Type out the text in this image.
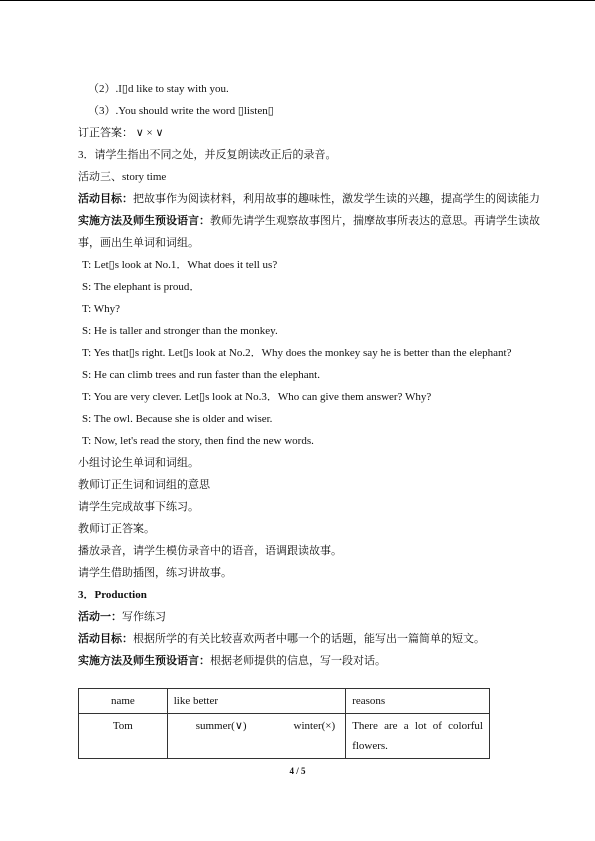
（2）.I▯d like to stay with you.

（3）.You should write the word ▯listen▯

订正答案： ∨ × ∨

3．请学生指出不同之处，并反复朗读改正后的录音。

活动三、story time

活动目标：把故事作为阅读材料，利用故事的趣味性，激发学生读的兴趣，提高学生的阅读能力

实施方法及师生预设语言：教师先请学生观察故事图片，揣摩故事所表达的意思。再请学生读故事，画出生单词和词组。

T: Let▯s look at No.1．What does it tell us?

S: The elephant is proud．

T: Why?

S: He is taller and stronger than the monkey.

T: Yes that▯s right. Let▯s look at No.2．Why does the monkey say he is better than the elephant?

S: He can climb trees and run faster than the elephant.

T: You are very clever. Let▯s look at No.3．Who can give them answer? Why?

S: The owl. Because she is older and wiser.

T: Now, let's read the story, then find the new words.

小组讨论生单词和词组。

教师订正生词和词组的意思

请学生完成故事下练习。

教师订正答案。

播放录音，请学生模仿录音中的语音，语调跟读故事。

请学生借助插图，练习讲故事。

3．Production

活动一：写作练习

活动目标：根据所学的有关比较喜欢两者中哪一个的话题，能写出一篇简单的短文。

实施方法及师生预设语言：根据老师提供的信息，写一段对话。

name	like better	reasons
Tom	summer(∨) winter(×)	There are a lot of colorful flowers.
4 / 5
